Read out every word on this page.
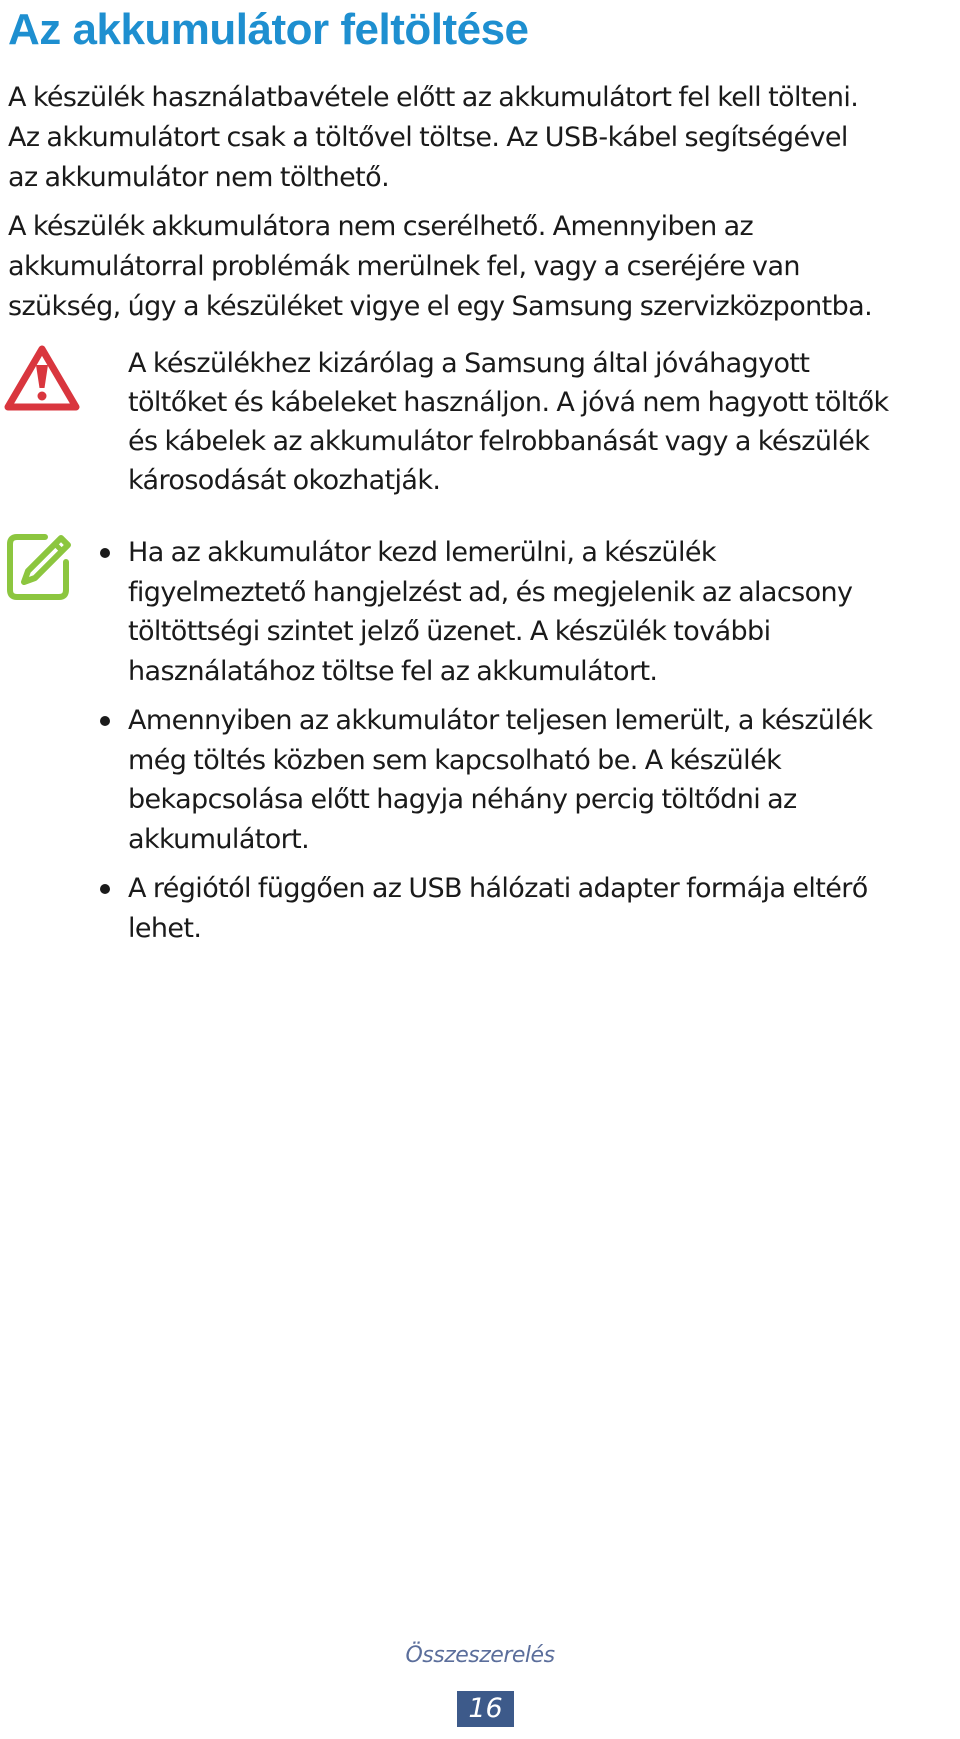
Az akkumulátor feltöltése

A készülék használatbavétele előtt az akkumulátort fel kell tölteni.
Az akkumulátort csak a töltővel töltse. Az USB-kábel segítségével
az akkumulátor nem tölthető.

A készülék akkumulátora nem cserélhető. Amennyiben az
akkumulátorral problémák merülnek fel, vagy a cseréjére van
szükség, úgy a készüléket vigye el egy Samsung szervizközpontba.

A készülékhez kizárólag a Samsung által jóváhagyott
töltőket és kábeleket használjon. A jóvá nem hagyott töltők
és kábelek az akkumulátor felrobbanását vagy a készülék
károsodását okozhatják.

Ha az akkumulátor kezd lemerülni, a készülék
figyelmeztető hangjelzést ad, és megjelenik az alacsony
töltöttségi szintet jelző üzenet. A készülék további
használatához töltse fel az akkumulátort.
Amennyiben az akkumulátor teljesen lemerült, a készülék
még töltés közben sem kapcsolható be. A készülék
bekapcsolása előtt hagyja néhány percig töltődni az
akkumulátort.
A régiótól függően az USB hálózati adapter formája eltérő
lehet.
Összeszerelés
16
